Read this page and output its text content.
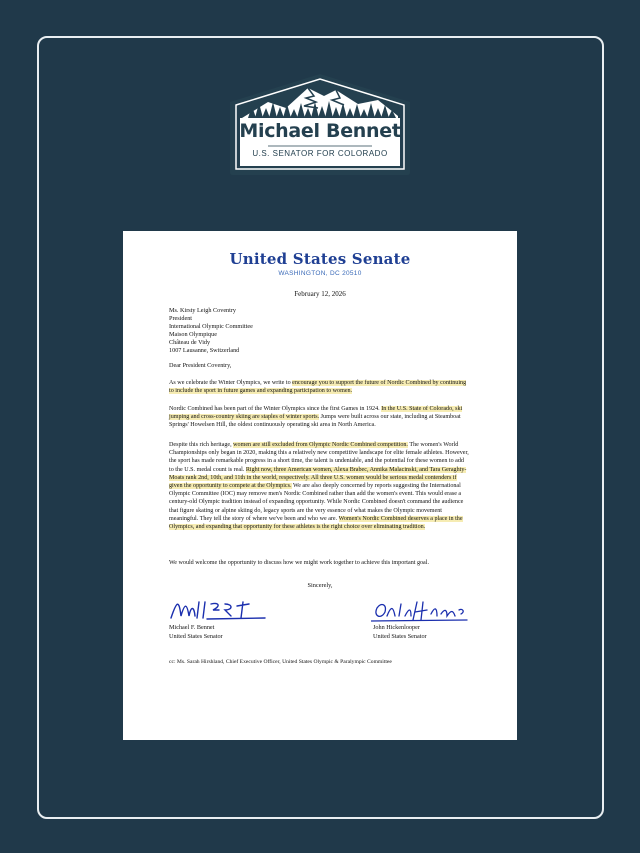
Michael Bennet
U.S. SENATOR FOR COLORADO
United States Senate
WASHINGTON, DC 20510
February 12, 2026
Ms. Kirsty Leigh Coventry
President
International Olympic Committee
Maison Olympique
Château de Vidy
1007 Lausanne, Switzerland
Dear President Coventry,
As we celebrate the Winter Olympics, we write to encourage you to support the future of Nordic Combined by continuing to include the sport in future games and expanding participation to women.
Nordic Combined has been part of the Winter Olympics since the first Games in 1924. In the U.S. State of Colorado, ski jumping and cross-country skiing are staples of winter sports. Jumps were built across our state, including at Steamboat Springs' Howelsen Hill, the oldest continuously operating ski area in North America.
Despite this rich heritage, women are still excluded from Olympic Nordic Combined competition. The women's World Championships only began in 2020, making this a relatively new competitive landscape for elite female athletes. However, the sport has made remarkable progress in a short time, the talent is undeniable, and the potential for these women to add to the U.S. medal count is real. Right now, three American women, Alexa Brabec, Annika Malacinski, and Tara Geraghty-Moats rank 2nd, 10th, and 11th in the world, respectively. All three U.S. women would be serious medal contenders if given the opportunity to compete at the Olympics. We are also deeply concerned by reports suggesting the International Olympic Committee (IOC) may remove men's Nordic Combined rather than add the women's event. This would erase a century-old Olympic tradition instead of expanding opportunity. While Nordic Combined doesn't command the audience that figure skating or alpine skiing do, legacy sports are the very essence of what makes the Olympic movement meaningful. They tell the story of where we've been and who we are. Women's Nordic Combined deserves a place in the Olympics, and expanding that opportunity for these athletes is the right choice over eliminating tradition.
We would welcome the opportunity to discuss how we might work together to achieve this important goal.
Sincerely,
Michael F. Bennet
United States Senator
John Hickenlooper
United States Senator
cc: Ms. Sarah Hirshland, Chief Executive Officer, United States Olympic & Paralympic Committee
